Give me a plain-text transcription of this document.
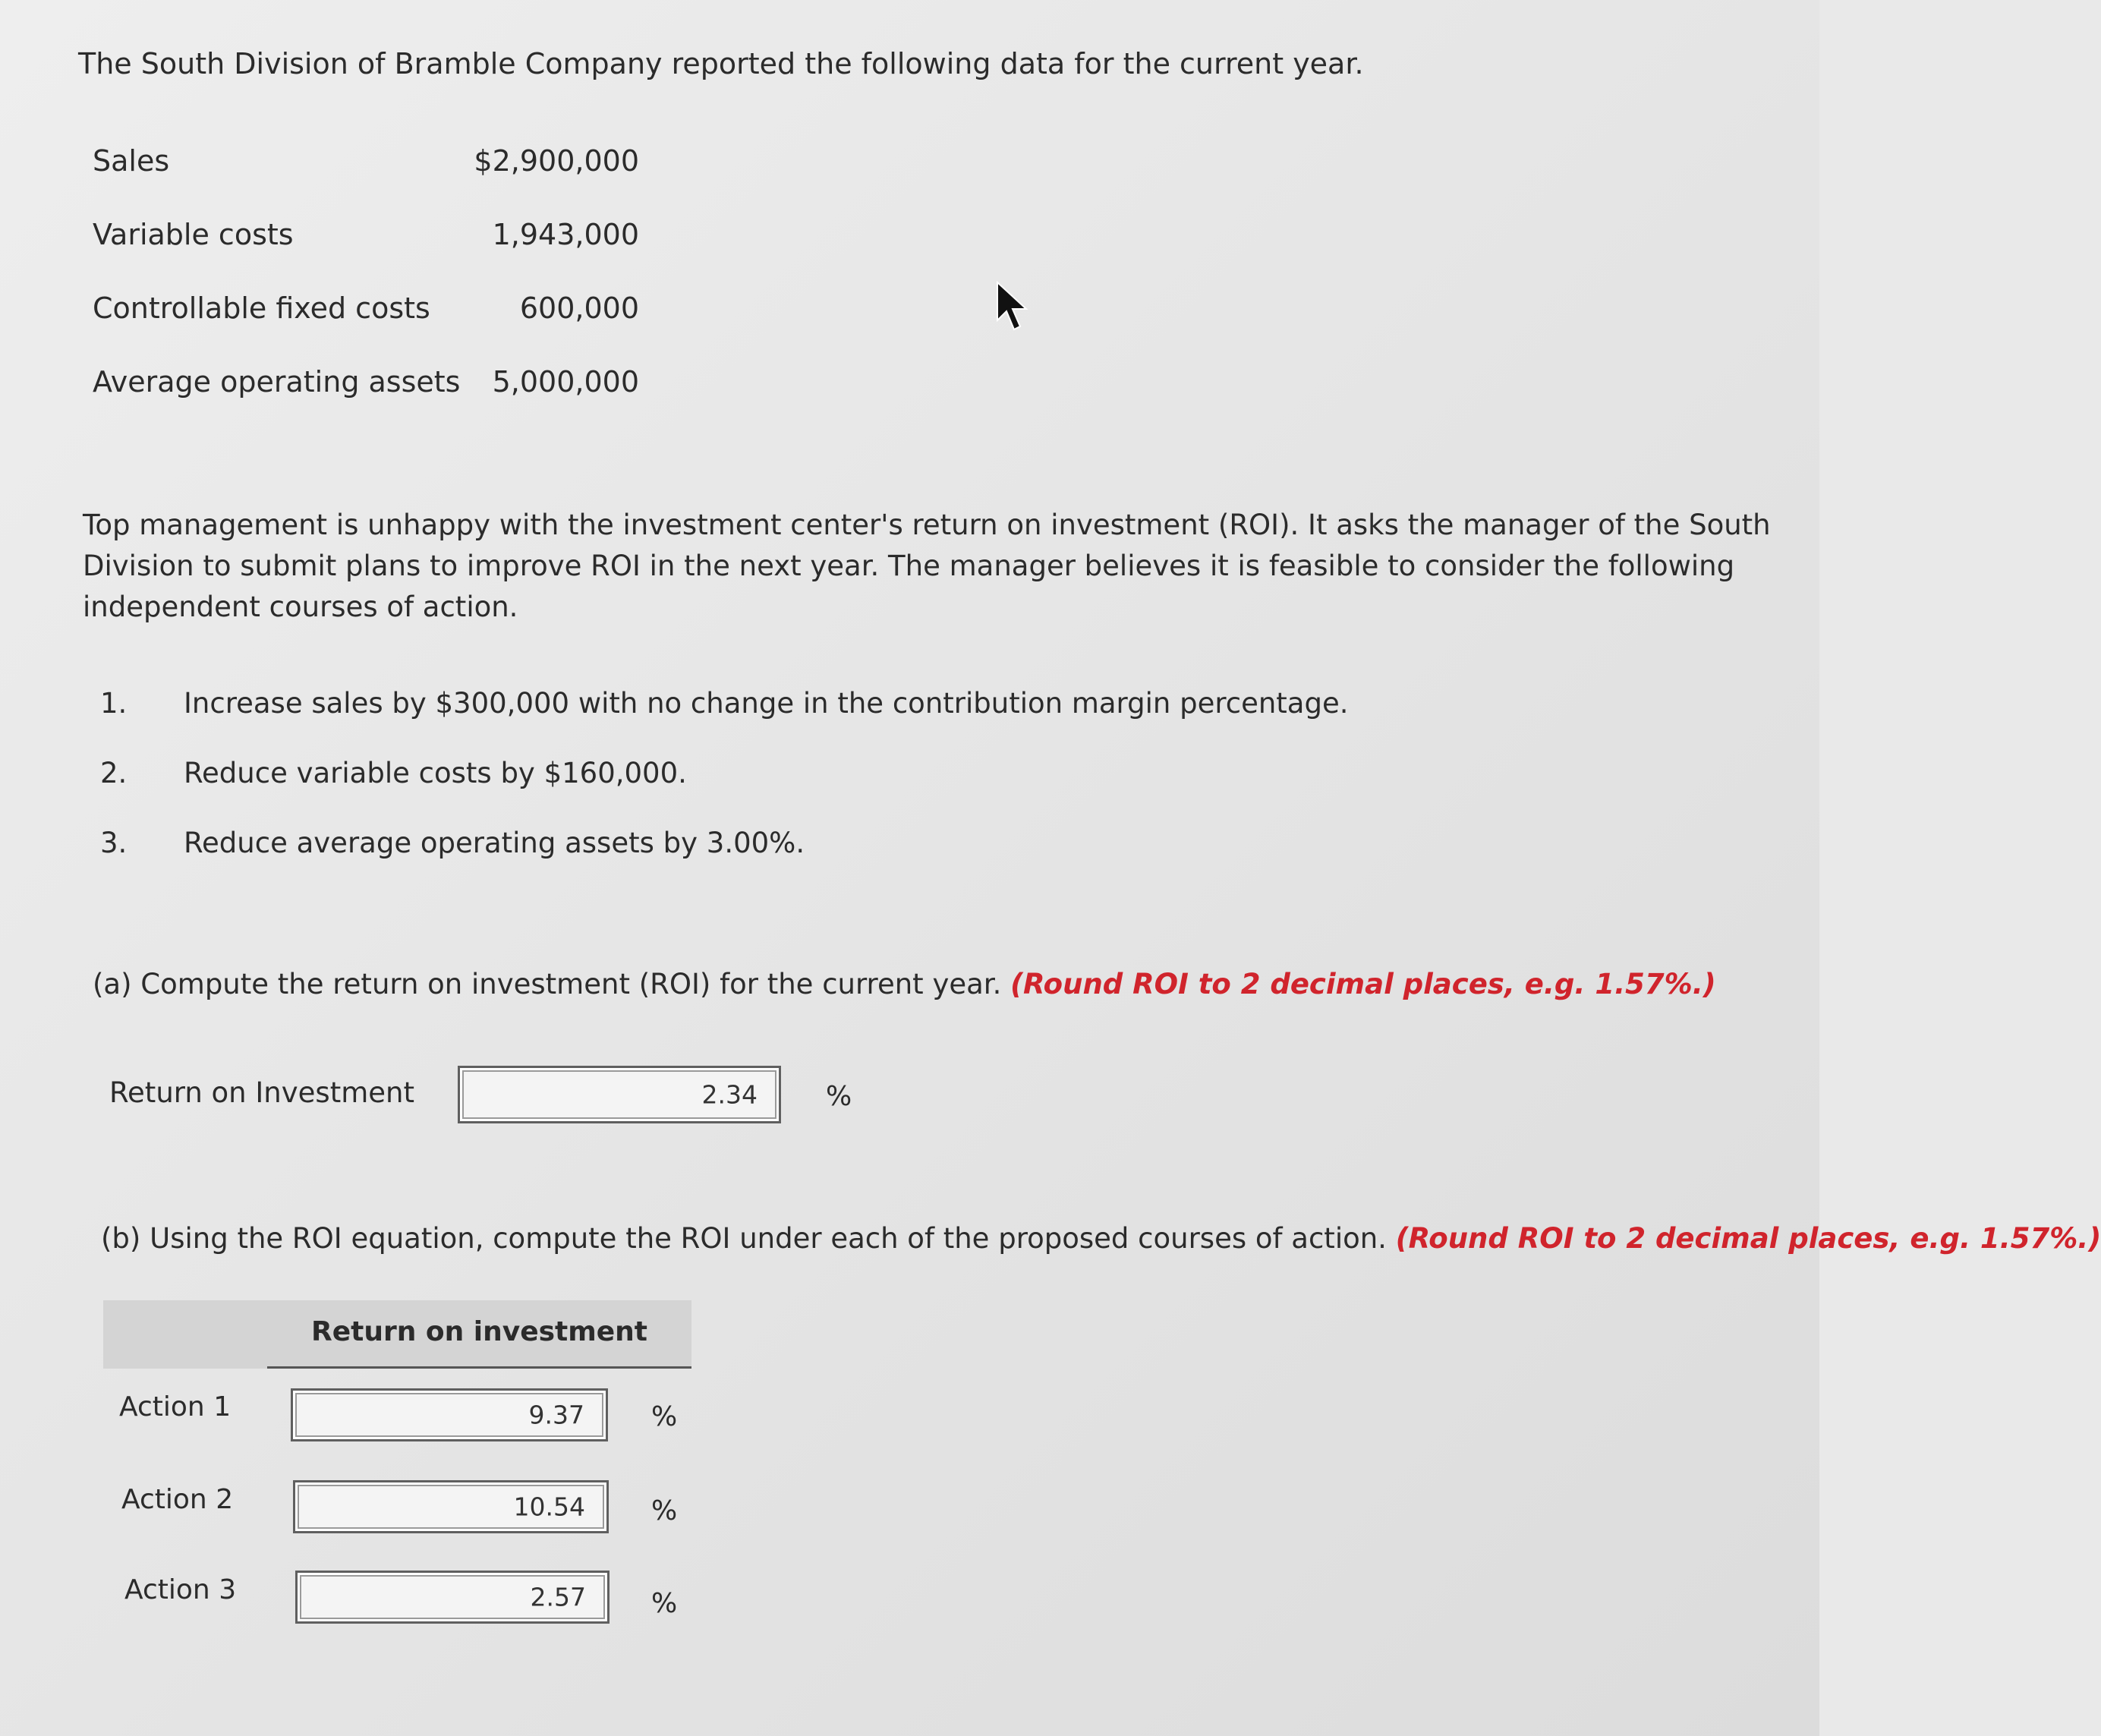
The South Division of Bramble Company reported the following data for the current year.
Sales	$2,900,000
Variable costs	1,943,000
Controllable fixed costs	600,000
Average operating assets 5,000,000
Top management is unhappy with the investment center's return on investment (ROI). It asks the manager of the South Division to submit plans to improve ROI in the next year. The manager believes it is feasible to consider the following independent courses of action.
1. Increase sales by $300,000 with no change in the contribution margin percentage.
2. Reduce variable costs by $160,000.
3. Reduce average operating assets by 3.00%.
(a) Compute the return on investment (ROI) for the current year. (Round ROI to 2 decimal places, e.g. 1.57%.)
Return on Investment	2.34	%
(b) Using the ROI equation, compute the ROI under each of the proposed courses of action. (Round ROI to 2 decimal places, e.g. 1.57%.)
Return on investment
Action 1	9.37 %
Action 2	10.54 %
Action 3	2.57 %
